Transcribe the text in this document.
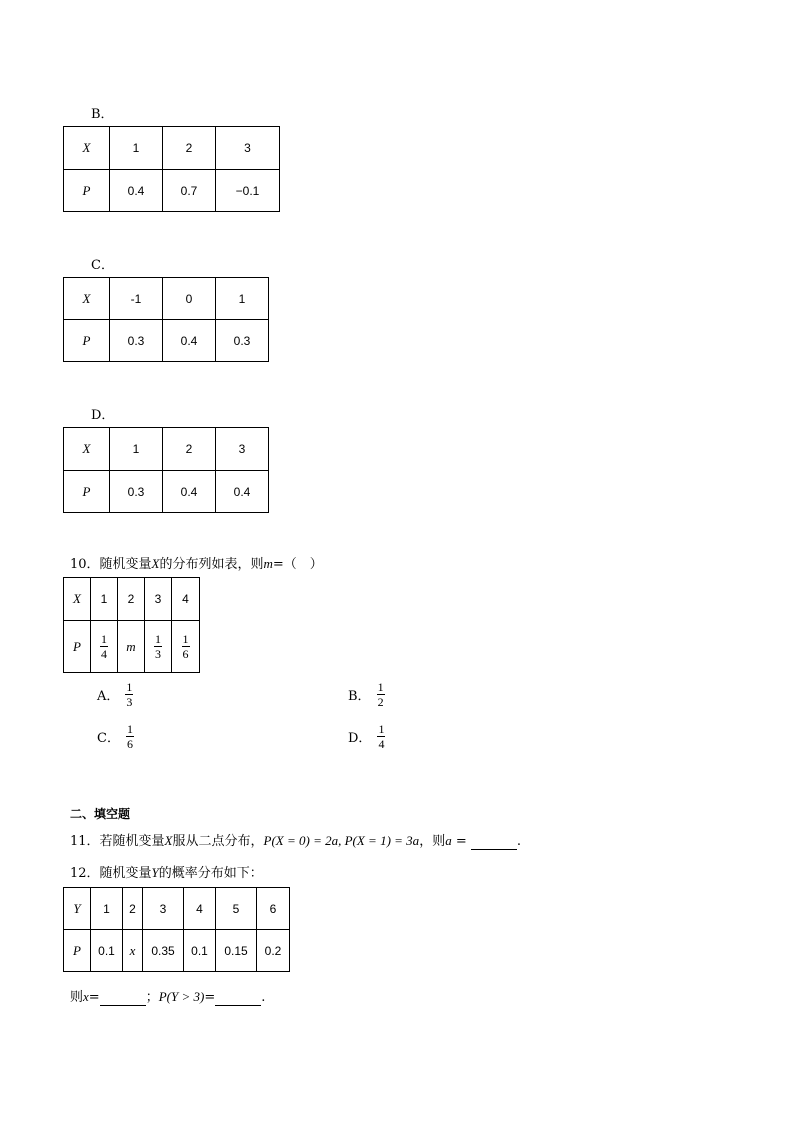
B．
X	1	2	3
P	0.4	0.7	−0.1
C．
X	-1	0	1
P	0.3	0.4	0.3
D．
X	1	2	3
P	0.3	0.4	0.4
10．随机变量X的分布列如表，则m=（　）
X	1	2	3	4
P	$\frac{1}{4}$	m	$\frac{1}{3}$	$\frac{1}{6}$
A． $\frac{1}{3}$	B． $\frac{1}{2}$
C． $\frac{1}{6}$	D． $\frac{1}{4}$
二、填空题
11．若随机变量X服从二点分布，P(X = 0) = 2a, P(X = 1) = 3a，则a =	.
12．随机变量Y的概率分布如下：
Y	1	2	3	4	5	6
P	0.1	x	0.35	0.1	0.15	0.2
则x=	；P(Y > 3)=	.
